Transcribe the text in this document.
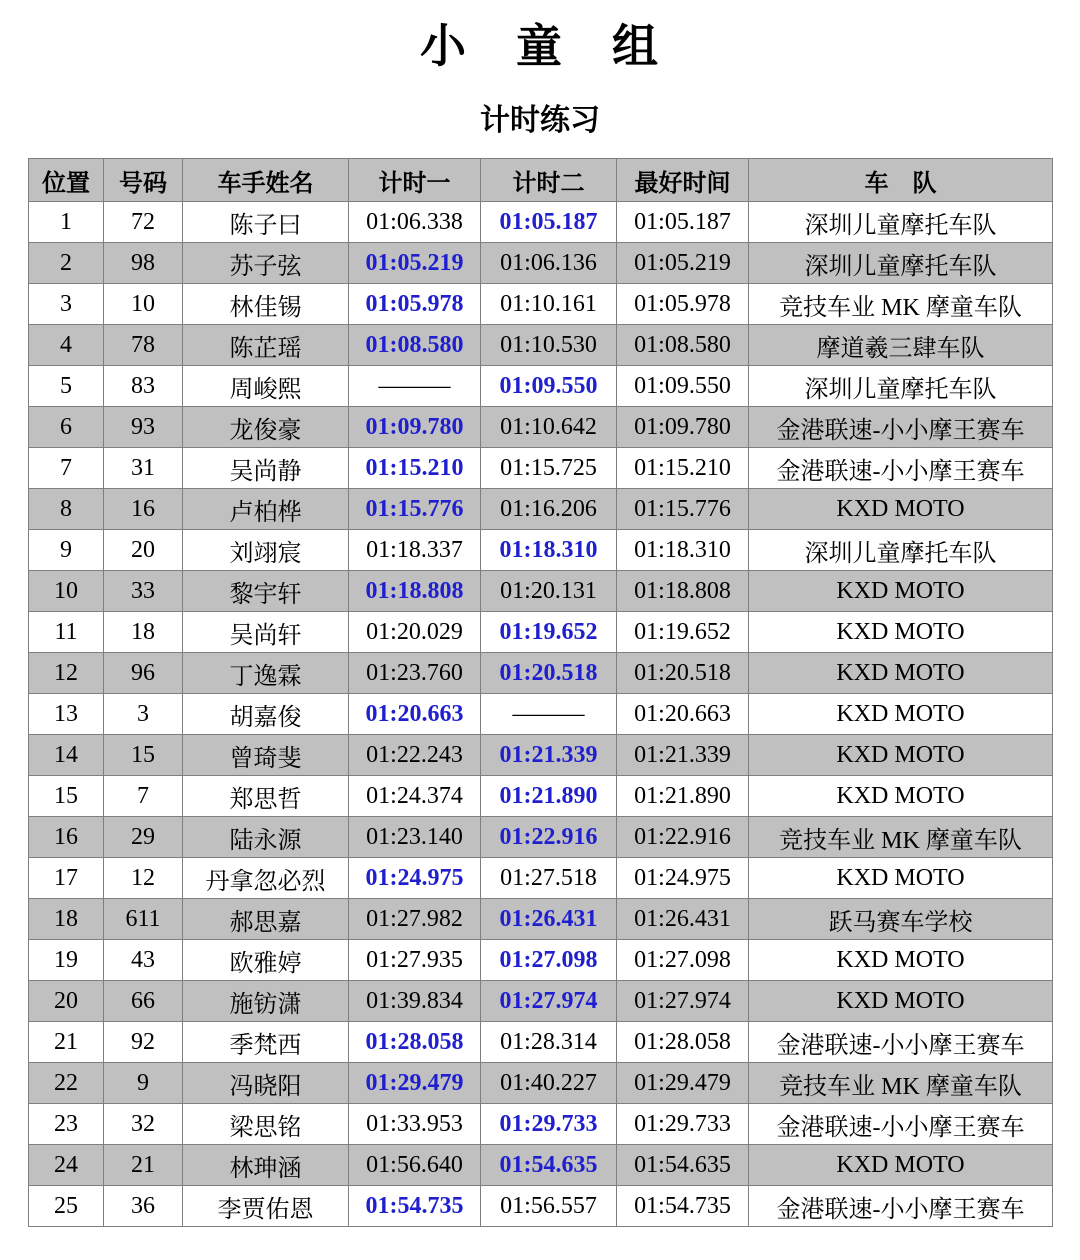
小　童　组
计时练习
位置	号码	车手姓名	计时一	计时二	最好时间	车　队
1	72	陈子曰	01:06.338	01:05.187	01:05.187	深圳儿童摩托车队
2	98	苏子弦	01:05.219	01:06.136	01:05.219	深圳儿童摩托车队
3	10	林佳锡	01:05.978	01:10.161	01:05.978	竞技车业 MK 摩童车队
4	78	陈芷瑶	01:08.580	01:10.530	01:08.580	摩道羲三肆车队
5	83	周峻熙	———	01:09.550	01:09.550	深圳儿童摩托车队
6	93	龙俊豪	01:09.780	01:10.642	01:09.780	金港联速-小小摩王赛车
7	31	吴尚静	01:15.210	01:15.725	01:15.210	金港联速-小小摩王赛车
8	16	卢柏桦	01:15.776	01:16.206	01:15.776	KXD MOTO
9	20	刘翊宸	01:18.337	01:18.310	01:18.310	深圳儿童摩托车队
10	33	黎宇轩	01:18.808	01:20.131	01:18.808	KXD MOTO
11	18	吴尚轩	01:20.029	01:19.652	01:19.652	KXD MOTO
12	96	丁逸霖	01:23.760	01:20.518	01:20.518	KXD MOTO
13	3	胡嘉俊	01:20.663	———	01:20.663	KXD MOTO
14	15	曾琦斐	01:22.243	01:21.339	01:21.339	KXD MOTO
15	7	郑思哲	01:24.374	01:21.890	01:21.890	KXD MOTO
16	29	陆永源	01:23.140	01:22.916	01:22.916	竞技车业 MK 摩童车队
17	12	丹拿忽必烈	01:24.975	01:27.518	01:24.975	KXD MOTO
18	611	郝思嘉	01:27.982	01:26.431	01:26.431	跃马赛车学校
19	43	欧雅婷	01:27.935	01:27.098	01:27.098	KXD MOTO
20	66	施钫潇	01:39.834	01:27.974	01:27.974	KXD MOTO
21	92	季梵西	01:28.058	01:28.314	01:28.058	金港联速-小小摩王赛车
22	9	冯晓阳	01:29.479	01:40.227	01:29.479	竞技车业 MK 摩童车队
23	32	梁思铭	01:33.953	01:29.733	01:29.733	金港联速-小小摩王赛车
24	21	林珅涵	01:56.640	01:54.635	01:54.635	KXD MOTO
25	36	李贾佑恩	01:54.735	01:56.557	01:54.735	金港联速-小小摩王赛车
